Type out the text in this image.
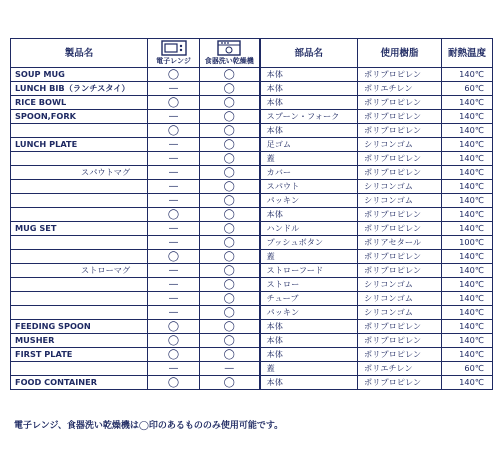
製品名	電子レンジ	食器洗い乾燥機	部品名	使用樹脂	耐熱温度
SOUP MUG	◯	◯	本体	ポリプロピレン	140℃
LUNCH BIB（ランチスタイ）	—	◯	本体	ポリエチレン	60℃
RICE BOWL	◯	◯	本体	ポリプロピレン	140℃
SPOON,FORK	—	◯	スプーン・フォーク	ポリプロピレン	140℃
	◯	◯	本体	ポリプロピレン	140℃
LUNCH PLATE	—	◯	足ゴム	シリコンゴム	140℃
	—	◯	蓋	ポリプロピレン	140℃
スパウトマグ	—	◯	カバー	ポリプロピレン	140℃
	—	◯	スパウト	シリコンゴム	140℃
	—	◯	パッキン	シリコンゴム	140℃
	◯	◯	本体	ポリプロピレン	140℃
MUG SET	—	◯	ハンドル	ポリプロピレン	140℃
	—	◯	プッシュボタン	ポリアセタール	100℃
	◯	◯	蓋	ポリプロピレン	140℃
ストローマグ	—	◯	ストローフード	ポリプロピレン	140℃
	—	◯	ストロー	シリコンゴム	140℃
	—	◯	チューブ	シリコンゴム	140℃
	—	◯	パッキン	シリコンゴム	140℃
FEEDING SPOON	◯	◯	本体	ポリプロピレン	140℃
MUSHER	◯	◯	本体	ポリプロピレン	140℃
FIRST PLATE	◯	◯	本体	ポリプロピレン	140℃
	—	—	蓋	ポリエチレン	60℃
FOOD CONTAINER	◯	◯	本体	ポリプロピレン	140℃
電子レンジ、食器洗い乾燥機は◯印のあるもののみ使用可能です。
